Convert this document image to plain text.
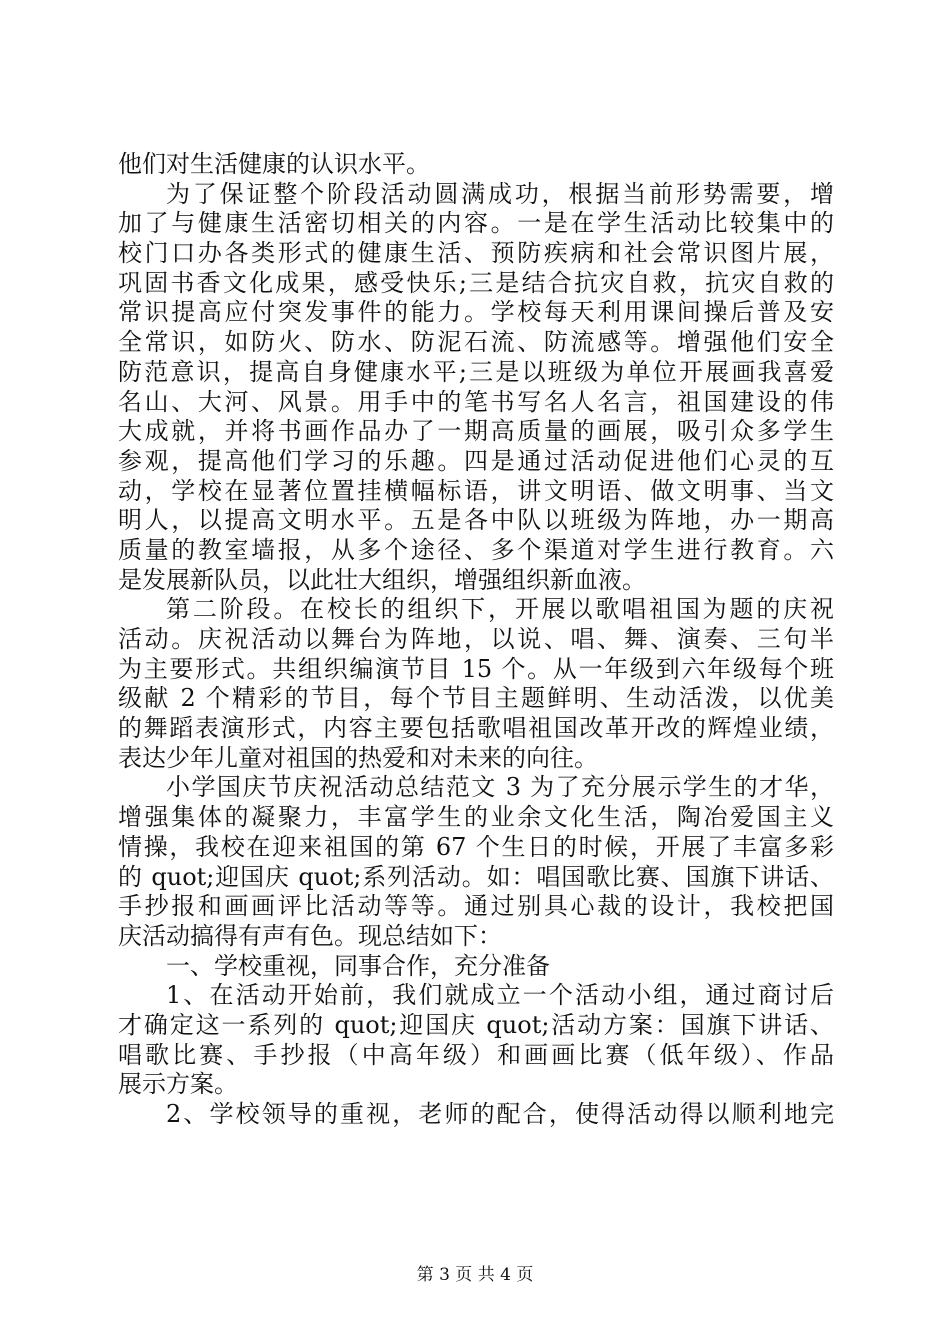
他们对生活健康的认识水平。
为了保证整个阶段活动圆满成功，根据当前形势需要，增
加了与健康生活密切相关的内容。一是在学生活动比较集中的
校门口办各类形式的健康生活、预防疾病和社会常识图片展，
巩固书香文化成果，感受快乐;三是结合抗灾自救，抗灾自救的
常识提高应付突发事件的能力。学校每天利用课间操后普及安
全常识，如防火、防水、防泥石流、防流感等。增强他们安全
防范意识，提高自身健康水平;三是以班级为单位开展画我喜爱
名山、大河、风景。用手中的笔书写名人名言，祖国建设的伟
大成就，并将书画作品办了一期高质量的画展，吸引众多学生
参观，提高他们学习的乐趣。四是通过活动促进他们心灵的互
动，学校在显著位置挂横幅标语，讲文明语、做文明事、当文
明人，以提高文明水平。五是各中队以班级为阵地，办一期高
质量的教室墙报，从多个途径、多个渠道对学生进行教育。六
是发展新队员，以此壮大组织，增强组织新血液。
第二阶段。在校长的组织下，开展以歌唱祖国为题的庆祝
活动。庆祝活动以舞台为阵地，以说、唱、舞、演奏、三句半
为主要形式。共组织编演节目 15 个。从一年级到六年级每个班
级献 2 个精彩的节目，每个节目主题鲜明、生动活泼，以优美
的舞蹈表演形式，内容主要包括歌唱祖国改革开改的辉煌业绩，
表达少年儿童对祖国的热爱和对未来的向往。
小学国庆节庆祝活动总结范文 3 为了充分展示学生的才华，
增强集体的凝聚力，丰富学生的业余文化生活，陶冶爱国主义
情操，我校在迎来祖国的第 67 个生日的时候，开展了丰富多彩
的 quot;迎国庆 quot;系列活动。如：唱国歌比赛、国旗下讲话、
手抄报和画画评比活动等等。通过别具心裁的设计，我校把国
庆活动搞得有声有色。现总结如下：
一、学校重视，同事合作，充分准备
1、在活动开始前，我们就成立一个活动小组，通过商讨后
才确定这一系列的 quot;迎国庆 quot;活动方案：国旗下讲话、
唱歌比赛、手抄报（中高年级）和画画比赛（低年级）、作品
展示方案。
2、学校领导的重视，老师的配合，使得活动得以顺利地完
第 3 页 共 4 页
